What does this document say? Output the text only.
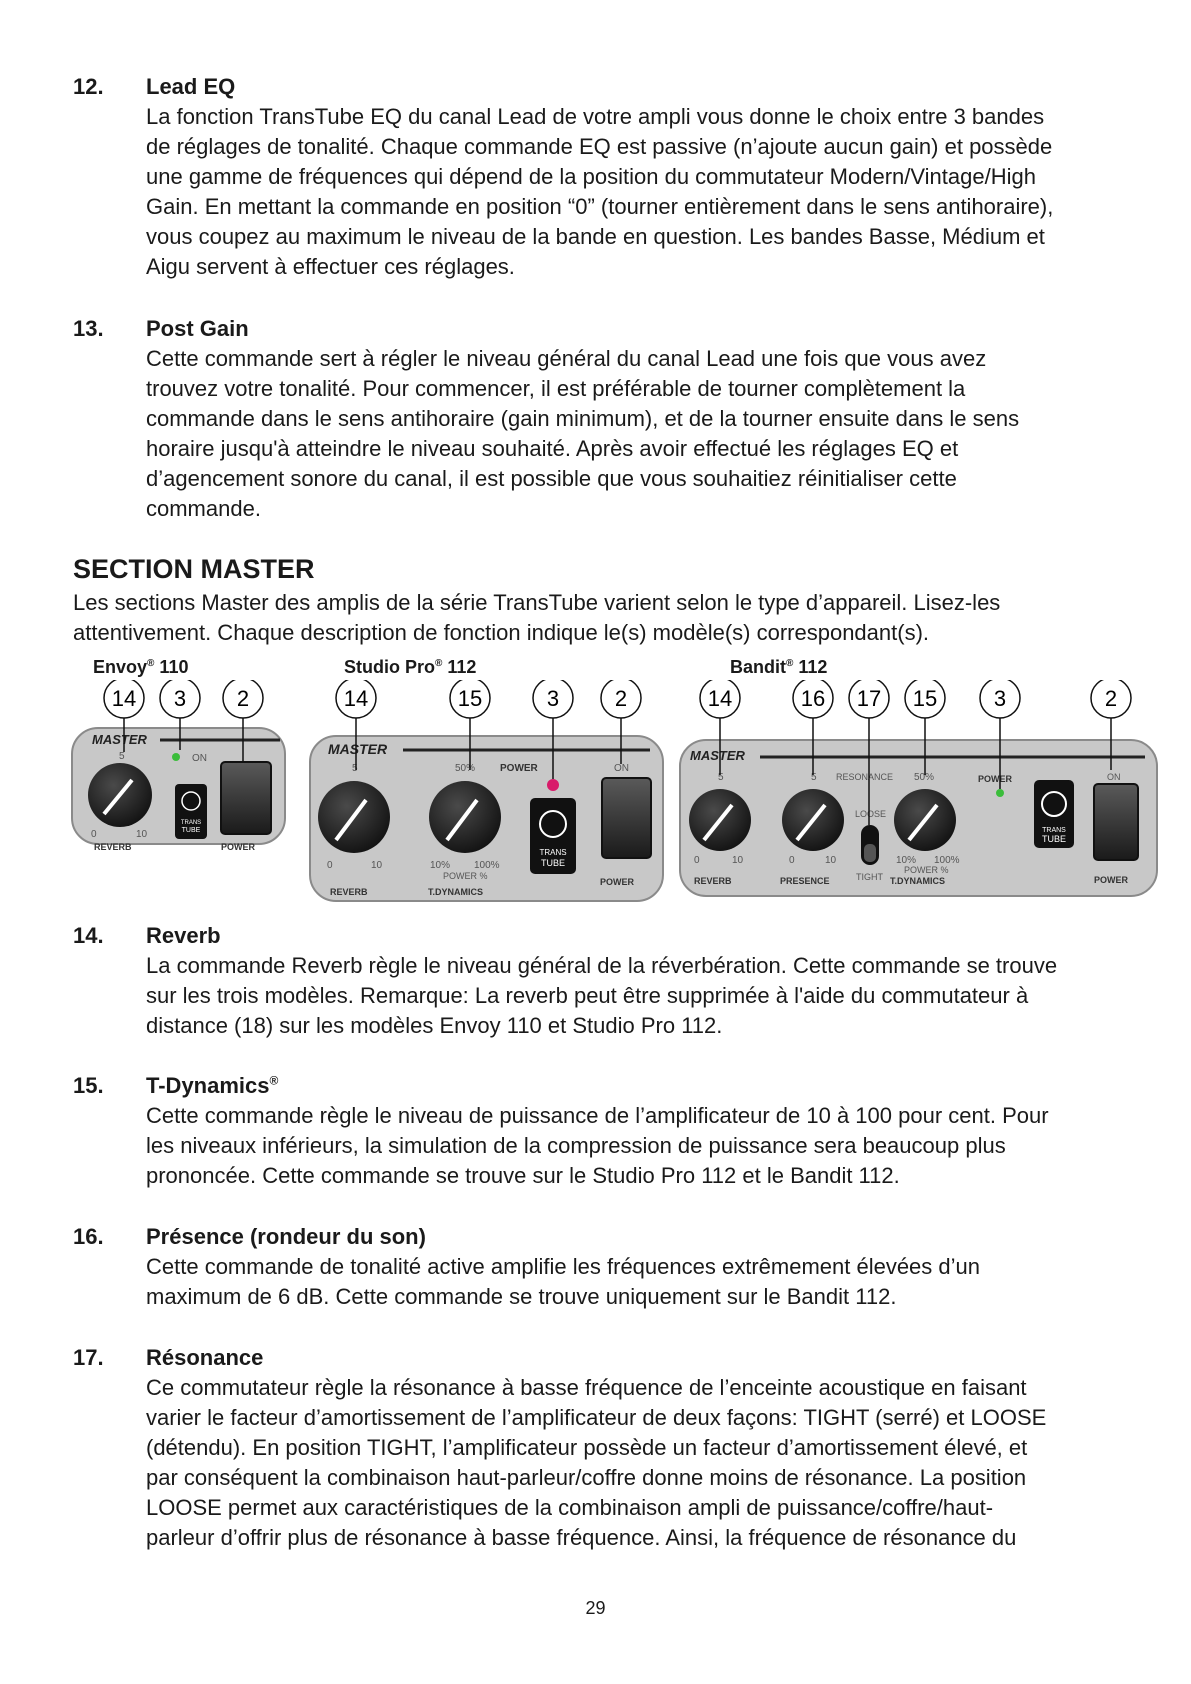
12. Lead EQ
La fonction TransTube EQ du canal Lead de votre ampli vous donne le choix entre 3 bandes
de réglages de tonalité. Chaque commande EQ est passive (n’ajoute aucun gain) et possède
une gamme de fréquences qui dépend de la position du commutateur Modern/Vintage/High
Gain. En mettant la commande en position “0” (tourner entièrement dans le sens antihoraire),
vous coupez au maximum le niveau de la bande en question. Les bandes Basse, Médium et
Aigu servent à effectuer ces réglages.
13. Post Gain
Cette commande sert à régler le niveau général du canal Lead une fois que vous avez
trouvez votre tonalité. Pour commencer, il est préférable de tourner complètement la
commande dans le sens antihoraire (gain minimum), et de la tourner ensuite dans le sens
horaire jusqu'à atteindre le niveau souhaité. Après avoir effectué les réglages EQ et
d’agencement sonore du canal, il est possible que vous souhaitiez réinitialiser cette
commande.
SECTION MASTER
Les sections Master des amplis de la série TransTube varient selon le type d’appareil. Lisez-les
attentivement. Chaque description de fonction indique le(s) modèle(s) correspondant(s).
Envoy® 110	Studio Pro® 112	Bandit® 112
MASTER
5
0	10
REVERB
ON
TRANS
TUBE
POWER
14 3 2
MASTER
5
0	10
REVERB
50%
10% 100%
POWER %
T.DYNAMICS
POWER
TRANS
TUBE
ON
POWER
14	15	3	2
MASTER
5
0	10
REVERB
5
0	10
PRESENCE
RESONANCE
LOOSE
TIGHT
50%
10% 100%
POWER %
T.DYNAMICS
POWER
TRANS
TUBE
ON
POWER
14	16 17 15	3	2
14. Reverb
La commande Reverb règle le niveau général de la réverbération. Cette commande se trouve
sur les trois modèles. Remarque: La reverb peut être supprimée à l'aide du commutateur à
distance (18) sur les modèles Envoy 110 et Studio Pro 112.
15. T-Dynamics®
Cette commande règle le niveau de puissance de l’amplificateur de 10 à 100 pour cent. Pour
les niveaux inférieurs, la simulation de la compression de puissance sera beaucoup plus
prononcée. Cette commande se trouve sur le Studio Pro 112 et le Bandit 112.
16. Présence (rondeur du son)
Cette commande de tonalité active amplifie les fréquences extrêmement élevées d’un
maximum de 6 dB. Cette commande se trouve uniquement sur le Bandit 112.
17. Résonance
Ce commutateur règle la résonance à basse fréquence de l’enceinte acoustique en faisant
varier le facteur d’amortissement de l’amplificateur de deux façons: TIGHT (serré) et LOOSE
(détendu). En position TIGHT, l’amplificateur possède un facteur d’amortissement élevé, et
par conséquent la combinaison haut-parleur/coffre donne moins de résonance. La position
LOOSE permet aux caractéristiques de la combinaison ampli de puissance/coffre/haut-
parleur d’offrir plus de résonance à basse fréquence. Ainsi, la fréquence de résonance du
29
